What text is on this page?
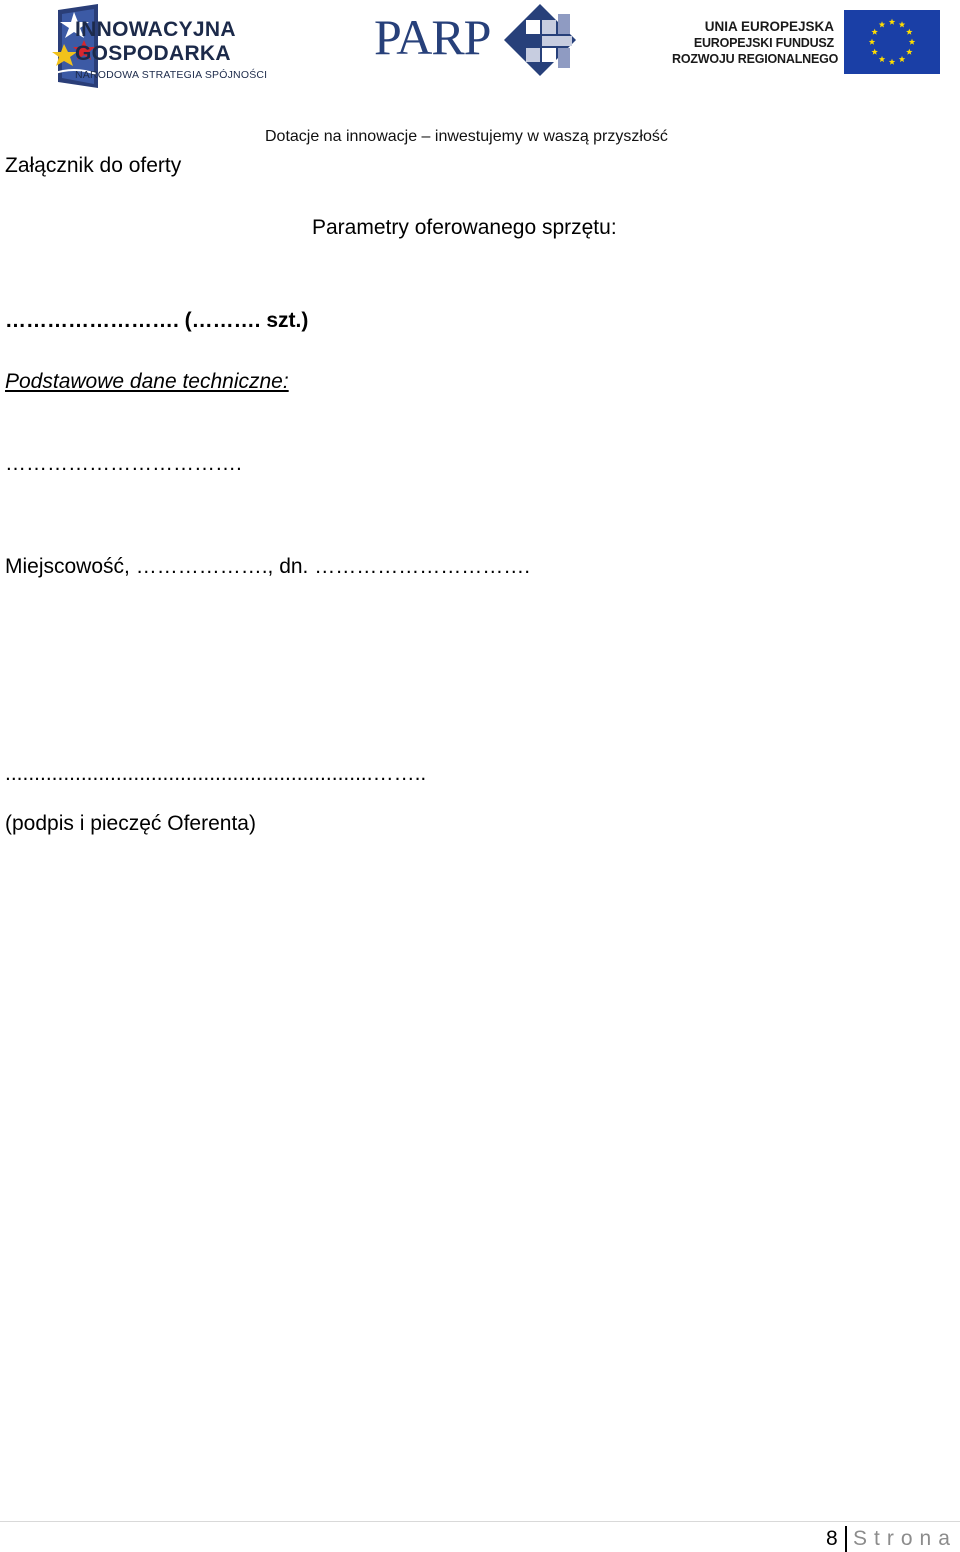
INNOWACYJNA
GOSPODARKA
NARODOWA STRATEGIA SPÓJNOŚCI
PARP	UNIA EUROPEJSKA
EUROPEJSKI FUNDUSZ
ROZWOJU REGIONALNEGO
Dotacje na innowacje – inwestujemy w waszą przyszłość
Załącznik do oferty
Parametry oferowanego sprzętu:
……………………. (………. szt.)
Podstawowe dane techniczne:
…………………………….
Miejscowość, ………………., dn. ………………………….
...............................................................……..
(podpis i pieczęć Oferenta)
8 Strona
